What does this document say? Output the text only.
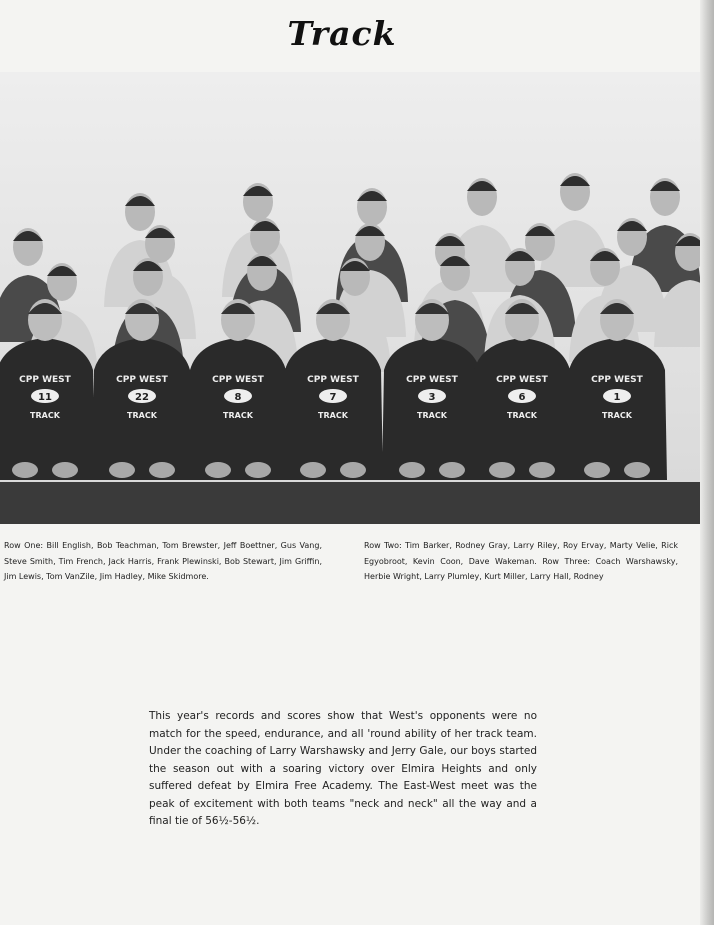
Track
CPP WEST
11
TRACK
CPP WEST
22
TRACK
CPP WEST
8
TRACK
CPP WEST
7
TRACK
CPP WEST
3
TRACK
CPP WEST
6
TRACK
CPP WEST
1
TRACK
Row One: Bill English, Bob Teachman, Tom Brewster, Jeff Boettner, Gus Vang, Steve Smith, Tim French, Jack Harris, Frank Plewinski, Bob Stewart, Jim Griffin, Jim Lewis, Tom VanZile, Jim Hadley, Mike Skidmore.
Row Two: Tim Barker, Rodney Gray, Larry Riley, Roy Ervay, Marty Velie, Rick Egyobroot, Kevin Coon, Dave Wakeman. Row Three: Coach Warshawsky, Herbie Wright, Larry Plumley, Kurt Miller, Larry Hall, Rodney
This year's records and scores show that West's opponents were no match for the speed, endurance, and all 'round ability of her track team. Under the coaching of Larry Warshawsky and Jerry Gale, our boys started the season out with a soaring victory over Elmira Heights and only suffered defeat by Elmira Free Academy. The East-West meet was the peak of excitement with both teams "neck and neck" all the way and a final tie of 56½-56½.
